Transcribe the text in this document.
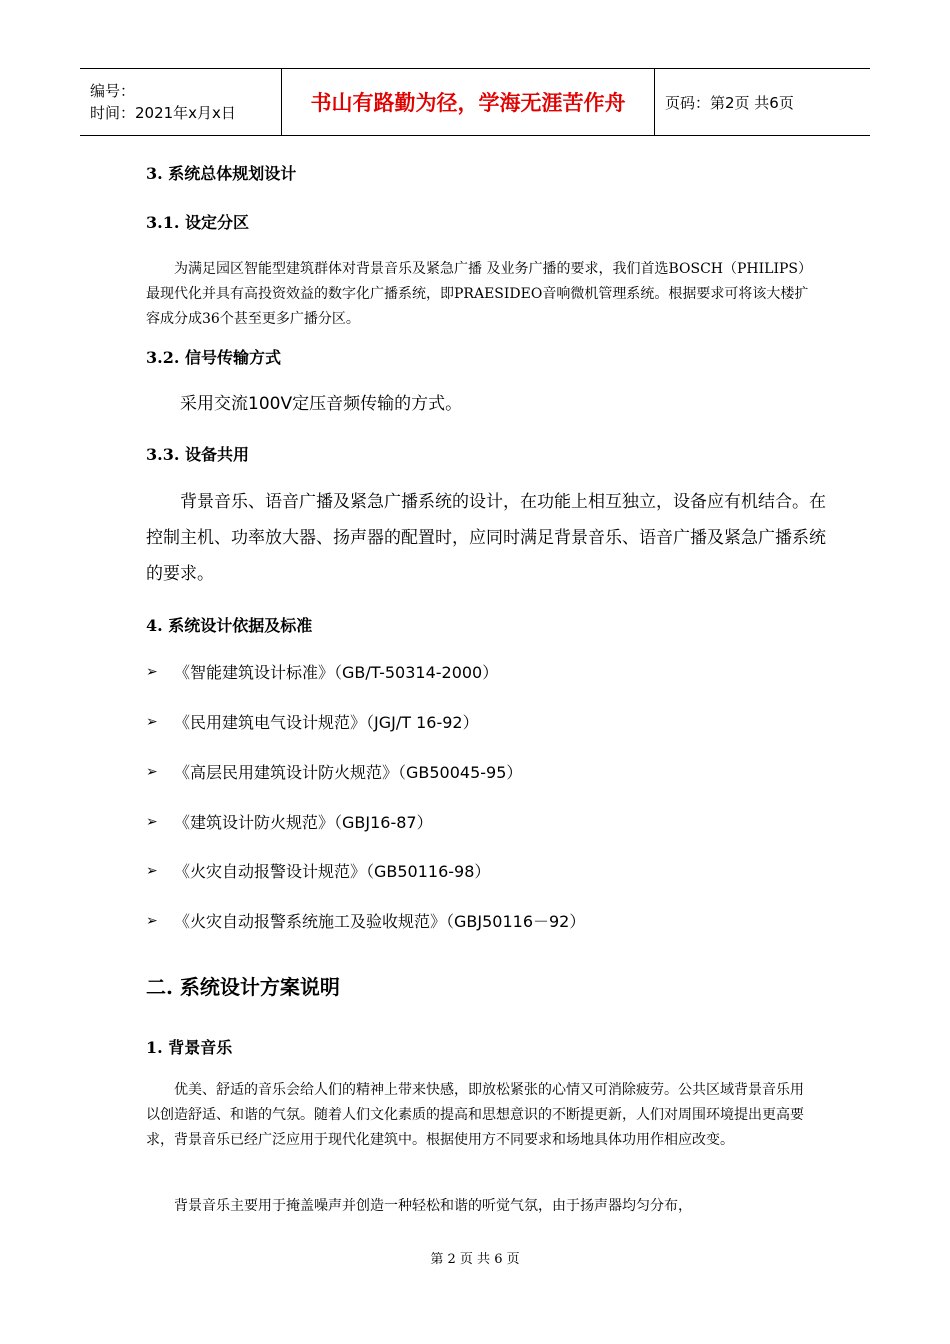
编号：
时间：2021年x月x日	书山有路勤为径，学海无涯苦作舟	页码：第2页 共6页
3. 系统总体规划设计
3.1. 设定分区
为满足园区智能型建筑群体对背景音乐及紧急广播 及业务广播的要求，我们首选BOSCH（PHILIPS）最现代化并具有高投资效益的数字化广播系统，即PRAESIDEO音响微机管理系统。根据要求可将该大楼扩容成分成36个甚至更多广播分区。
3.2. 信号传输方式
采用交流100V定压音频传输的方式。
3.3. 设备共用
背景音乐、语音广播及紧急广播系统的设计，在功能上相互独立，设备应有机结合。在控制主机、功率放大器、扬声器的配置时，应同时满足背景音乐、语音广播及紧急广播系统的要求。
4. 系统设计依据及标准
➢	《智能建筑设计标准》（GB/T-50314-2000）
➢	《民用建筑电气设计规范》（JGJ/T 16-92）
➢	《高层民用建筑设计防火规范》（GB50045-95）
➢	《建筑设计防火规范》（GBJ16-87）
➢	《火灾自动报警设计规范》（GB50116-98）
➢	《火灾自动报警系统施工及验收规范》（GBJ50116－92）
二. 系统设计方案说明
1. 背景音乐
优美、舒适的音乐会给人们的精神上带来快感，即放松紧张的心情又可消除疲劳。公共区域背景音乐用以创造舒适、和谐的气氛。随着人们文化素质的提高和思想意识的不断提更新，人们对周围环境提出更高要求，背景音乐已经广泛应用于现代化建筑中。根据使用方不同要求和场地具体功用作相应改变。
背景音乐主要用于掩盖噪声并创造一种轻松和谐的听觉气氛，由于扬声器均匀分布，
第 2 页 共 6 页
